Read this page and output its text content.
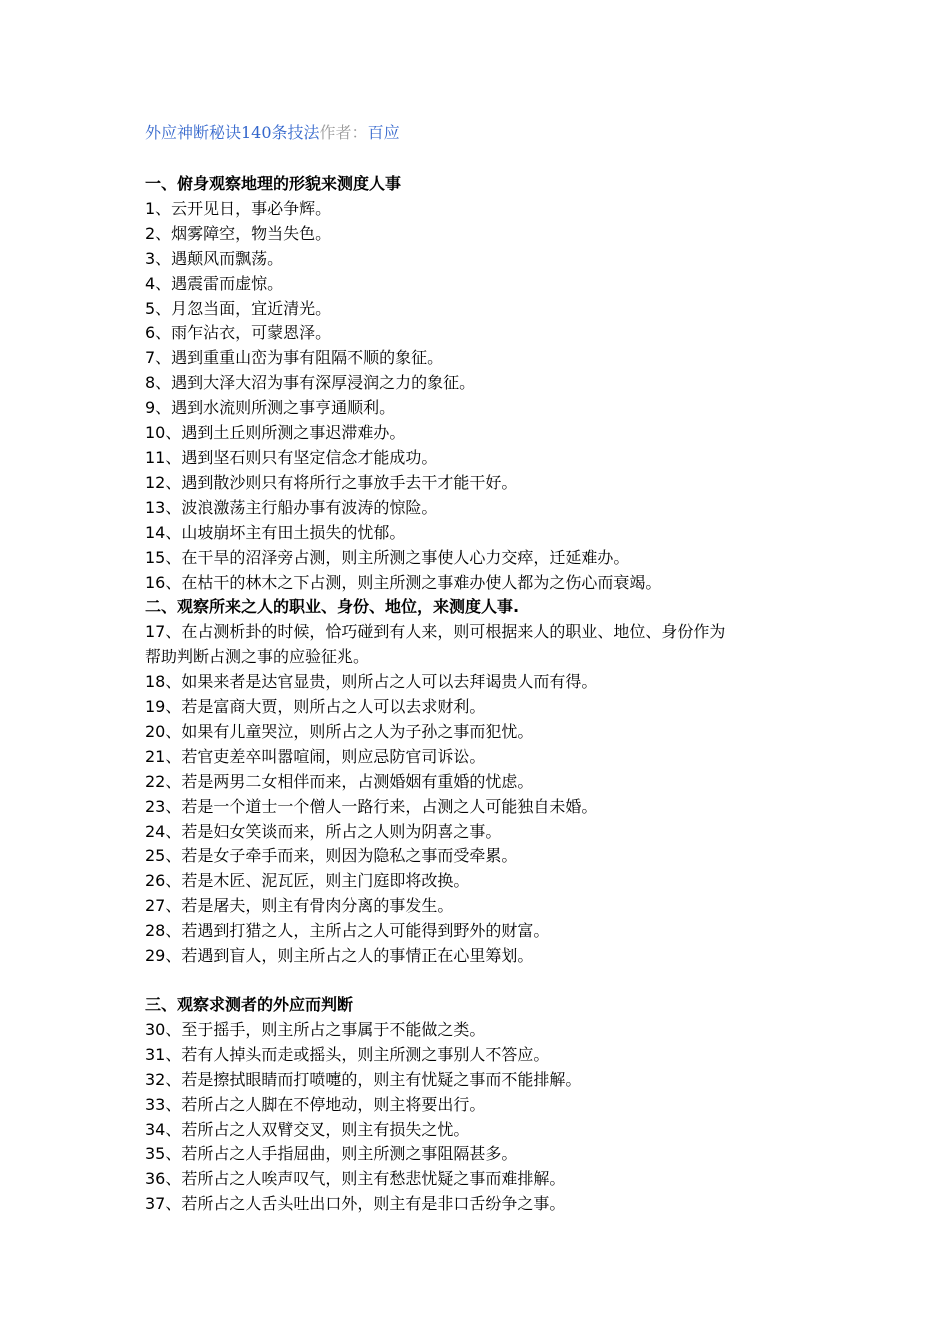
外应神断秘诀140条技法作者：百应

一、俯身观察地理的形貌来测度人事

1、云开见日，事必争辉。

2、烟雾障空，物当失色。

3、遇颠风而飘荡。

4、遇震雷而虚惊。

5、月忽当面，宜近清光。

6、雨乍沾衣，可蒙恩泽。

7、遇到重重山峦为事有阻隔不顺的象征。

8、遇到大泽大沼为事有深厚浸润之力的象征。

9、遇到水流则所测之事亨通顺利。

10、遇到土丘则所测之事迟滞难办。

11、遇到坚石则只有坚定信念才能成功。

12、遇到散沙则只有将所行之事放手去干才能干好。

13、波浪激荡主行船办事有波涛的惊险。

14、山坡崩坏主有田土损失的忧郁。

15、在干旱的沼泽旁占测，则主所测之事使人心力交瘁，迁延难办。

16、在枯干的林木之下占测，则主所测之事难办使人都为之伤心而衰竭。

二、观察所来之人的职业、身份、地位，来测度人事.

17、在占测析卦的时候，恰巧碰到有人来，则可根据来人的职业、地位、身份作为

帮助判断占测之事的应验征兆。

18、如果来者是达官显贵，则所占之人可以去拜谒贵人而有得。

19、若是富商大贾，则所占之人可以去求财利。

20、如果有儿童哭泣，则所占之人为子孙之事而犯忧。

21、若官吏差卒叫嚣喧闹，则应忌防官司诉讼。

22、若是两男二女相伴而来，占测婚姻有重婚的忧虑。

23、若是一个道士一个僧人一路行来，占测之人可能独自未婚。

24、若是妇女笑谈而来，所占之人则为阴喜之事。

25、若是女子牵手而来，则因为隐私之事而受牵累。

26、若是木匠、泥瓦匠，则主门庭即将改换。

27、若是屠夫，则主有骨肉分离的事发生。

28、若遇到打猎之人，主所占之人可能得到野外的财富。

29、若遇到盲人，则主所占之人的事情正在心里筹划。

三、观察求测者的外应而判断

30、至于摇手，则主所占之事属于不能做之类。

31、若有人掉头而走或摇头，则主所测之事别人不答应。

32、若是擦拭眼睛而打喷嚏的，则主有忧疑之事而不能排解。

33、若所占之人脚在不停地动，则主将要出行。

34、若所占之人双臂交叉，则主有损失之忧。

35、若所占之人手指屈曲，则主所测之事阻隔甚多。

36、若所占之人唉声叹气，则主有愁悲忧疑之事而难排解。

37、若所占之人舌头吐出口外，则主有是非口舌纷争之事。
